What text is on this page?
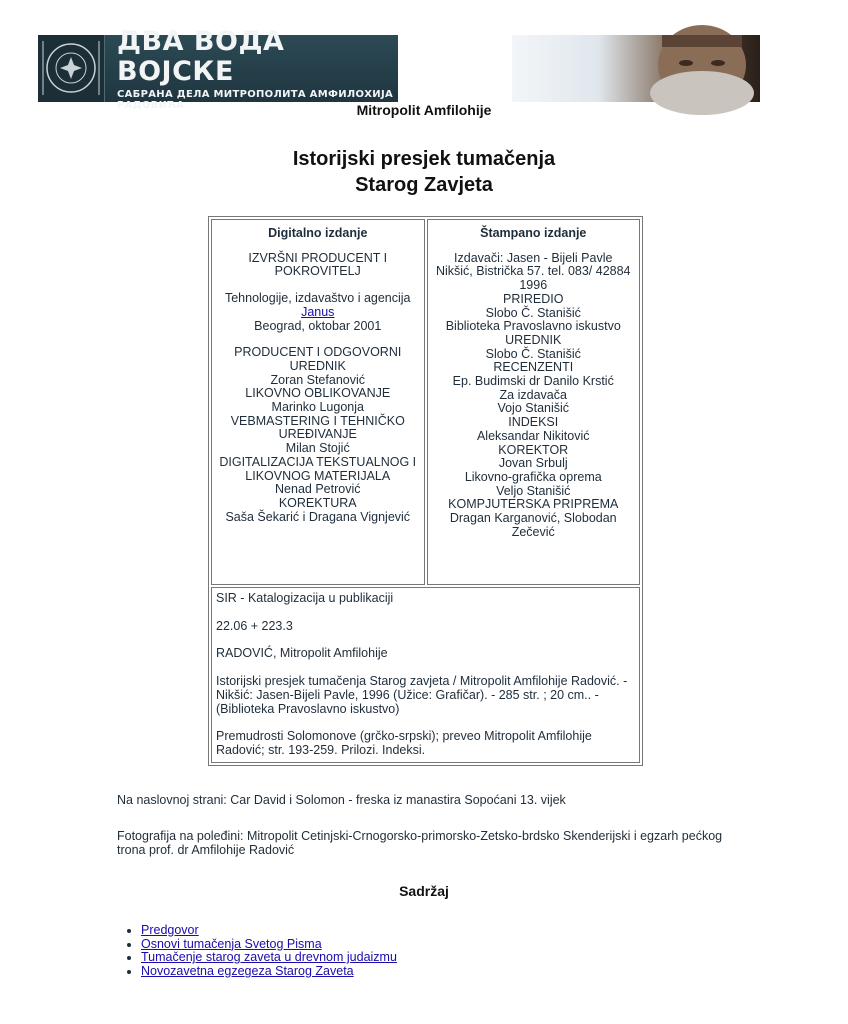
ДВА ВОДА ВОЈСКЕ
САБРАНА ДЕЛА МИТРОПОЛИТА АМФИЛОХИЈА РАДОВИЋА	Mitropolit Amfilohije
Istorijski presjek tumačenja
Starog Zavjeta
Digitalno izdanje
IZVRŠNI PRODUCENT I POKROVITELJ
Tehnologije, izdavaštvo i agencija
Janus
Beograd, oktobar 2001
PRODUCENT I ODGOVORNI UREDNIK
Zoran Stefanović
LIKOVNO OBLIKOVANJE
Marinko Lugonja
VEBMASTERING I TEHNIČKO UREĐIVANJE
Milan Stojić
DIGITALIZACIJA TEKSTUALNOG I LIKOVNOG MATERIJALA
Nenad Petrović
KOREKTURA
Saša Šekarić i Dragana Vignjević

Štampano izdanje
Izdavači: Jasen - Bijeli Pavle
Nikšić, Bistrička 57. tel. 083/ 42884
1996
PRIREDIO
Slobo Č. Stanišić
Biblioteka Pravoslavno iskustvo
UREDNIK
Slobo Č. Stanišić
RECENZENTI
Ep. Budimski dr Danilo Krstić
Za izdavača
Vojo Stanišić
INDEKSI
Aleksandar Nikitović
KOREKTOR
Jovan Srbulj
Likovno-grafička oprema
Veljo Stanišić
KOMPJUTERSKA PRIPREMA
Dragan Karganović, Slobodan Zečević

SIR - Katalogizacija u publikaciji

22.06 + 223.3

RADOVIĆ, Mitropolit Amfilohije

Istorijski presjek tumačenja Starog zavjeta / Mitropolit Amfilohije Radović. - Nikšić: Jasen-Bijeli Pavle, 1996 (Užice: Grafičar). - 285 str. ; 20 cm.. - (Biblioteka Pravoslavno iskustvo)

Premudrosti Solomonove (grčko-srpski); preveo Mitropolit Amfilohije Radović; str. 193-259. Prilozi. Indeksi.

Na naslovnoj strani: Car David i Solomon - freska iz manastira Sopoćani 13. vijek
Fotografija na poleđini: Mitropolit Cetinjski-Crnogorsko-primorsko-Zetsko-brdsko Skenderijski i egzarh pećkog trona prof. dr Amfilohije Radović
Sadržaj
• Predgovor
• Osnovi tumačenja Svetog Pisma
• Tumačenje starog zaveta u drevnom judaizmu
• Novozavetna egzegeza Starog Zaveta
